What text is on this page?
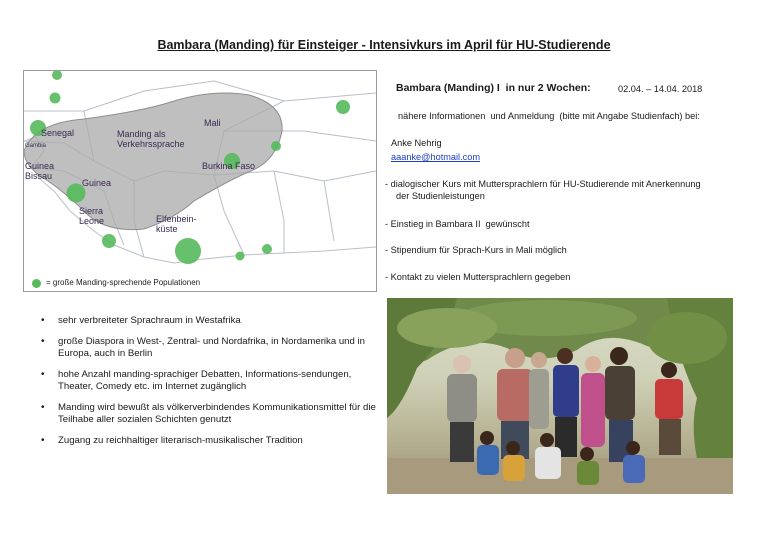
Bambara (Manding) für Einsteiger - Intensivkurs im April für HU-Studierende
Senegal
Gambia
Guinea
Bissau
Guinea
Sierra
Leone
Manding als
Verkehrssprache
Mali
Burkina Faso
Elfenbein-
küste
= große Manding-sprechende Populationen
Bambara (Manding) I  in nur 2 Wochen:	02.04. – 14.04. 2018
nähere Informationen  und Anmeldung  (bitte mit Angabe Studienfach) bei:
Anke Nehrig
aaanke@hotmail.com
- dialogischer Kurs mit Muttersprachlern für HU-Studierende mit Anerkennung
der Studienleistungen
- Einstieg in Bambara II  gewünscht
- Stipendium für Sprach-Kurs in Mali möglich
- Kontakt zu vielen Muttersprachlern gegeben
• sehr verbreiteter Sprachraum in Westafrika
• große Diaspora in West-, Zentral- und Nordafrika, in Nordamerika und in Europa, auch in Berlin
• hohe Anzahl manding-sprachiger Debatten, Informations-sendungen, Theater, Comedy etc. im Internet zugänglich
• Manding wird bewußt als völkerverbindendes Kommunikationsmittel für die Teilhabe aller sozialen Schichten genutzt
• Zugang zu reichhaltiger literarisch-musikalischer Tradition
